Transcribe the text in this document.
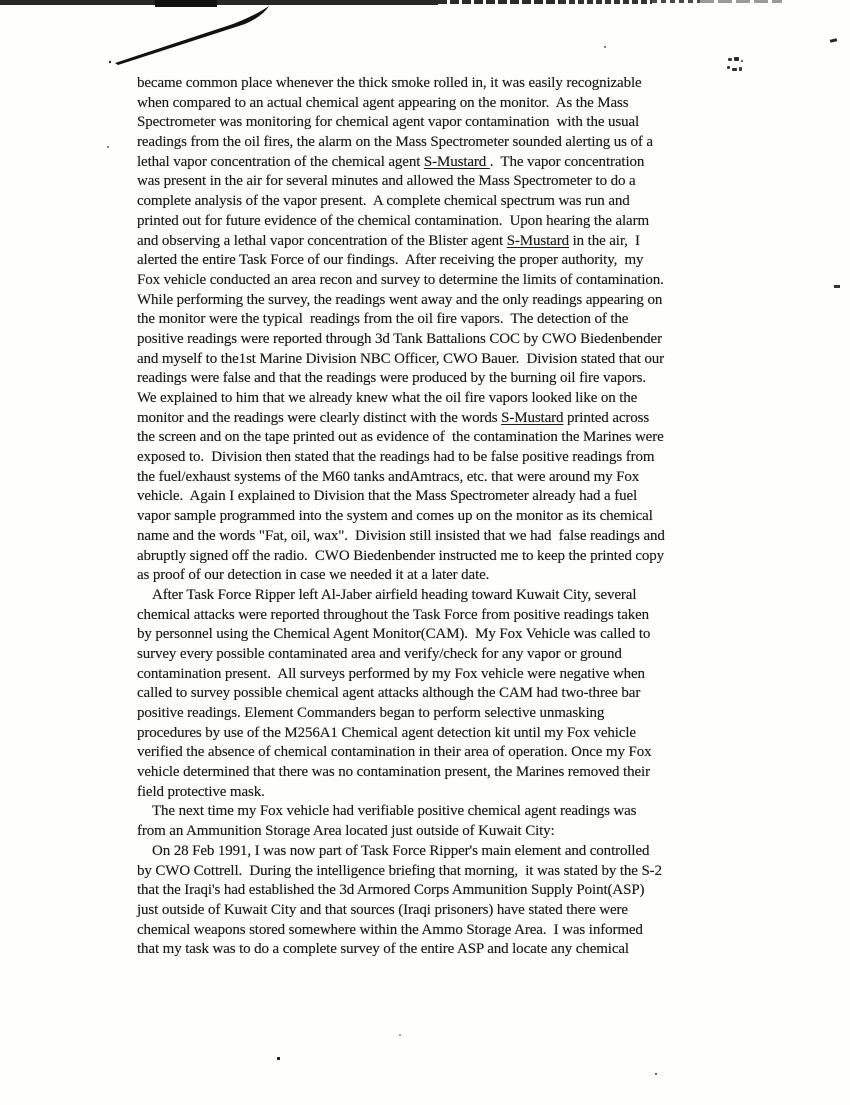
became common place whenever the thick smoke rolled in, it was easily recognizable
when compared to an actual chemical agent appearing on the monitor.  As the Mass
Spectrometer was monitoring for chemical agent vapor contamination  with the usual
readings from the oil fires, the alarm on the Mass Spectrometer sounded alerting us of a
lethal vapor concentration of the chemical agent S-Mustard .  The vapor concentration
was present in the air for several minutes and allowed the Mass Spectrometer to do a
complete analysis of the vapor present.  A complete chemical spectrum was run and
printed out for future evidence of the chemical contamination.  Upon hearing the alarm
and observing a lethal vapor concentration of the Blister agent S-Mustard in the air,  I
alerted the entire Task Force of our findings.  After receiving the proper authority,  my
Fox vehicle conducted an area recon and survey to determine the limits of contamination.
While performing the survey, the readings went away and the only readings appearing on
the monitor were the typical  readings from the oil fire vapors.  The detection of the
positive readings were reported through 3d Tank Battalions COC by CWO Biedenbender
and myself to the1st Marine Division NBC Officer, CWO Bauer.  Division stated that our
readings were false and that the readings were produced by the burning oil fire vapors.
We explained to him that we already knew what the oil fire vapors looked like on the
monitor and the readings were clearly distinct with the words S-Mustard printed across
the screen and on the tape printed out as evidence of  the contamination the Marines were
exposed to.  Division then stated that the readings had to be false positive readings from
the fuel/exhaust systems of the M60 tanks andAmtracs, etc. that were around my Fox
vehicle.  Again I explained to Division that the Mass Spectrometer already had a fuel
vapor sample programmed into the system and comes up on the monitor as its chemical
name and the words "Fat, oil, wax".  Division still insisted that we had  false readings and
abruptly signed off the radio.  CWO Biedenbender instructed me to keep the printed copy
as proof of our detection in case we needed it at a later date.
After Task Force Ripper left Al-Jaber airfield heading toward Kuwait City, several
chemical attacks were reported throughout the Task Force from positive readings taken
by personnel using the Chemical Agent Monitor(CAM).  My Fox Vehicle was called to
survey every possible contaminated area and verify/check for any vapor or ground
contamination present.  All surveys performed by my Fox vehicle were negative when
called to survey possible chemical agent attacks although the CAM had two-three bar
positive readings. Element Commanders began to perform selective unmasking
procedures by use of the M256A1 Chemical agent detection kit until my Fox vehicle
verified the absence of chemical contamination in their area of operation. Once my Fox
vehicle determined that there was no contamination present, the Marines removed their
field protective mask.
The next time my Fox vehicle had verifiable positive chemical agent readings was
from an Ammunition Storage Area located just outside of Kuwait City:
On 28 Feb 1991, I was now part of Task Force Ripper's main element and controlled
by CWO Cottrell.  During the intelligence briefing that morning,  it was stated by the S-2
that the Iraqi's had established the 3d Armored Corps Ammunition Supply Point(ASP)
just outside of Kuwait City and that sources (Iraqi prisoners) have stated there were
chemical weapons stored somewhere within the Ammo Storage Area.  I was informed
that my task was to do a complete survey of the entire ASP and locate any chemical
